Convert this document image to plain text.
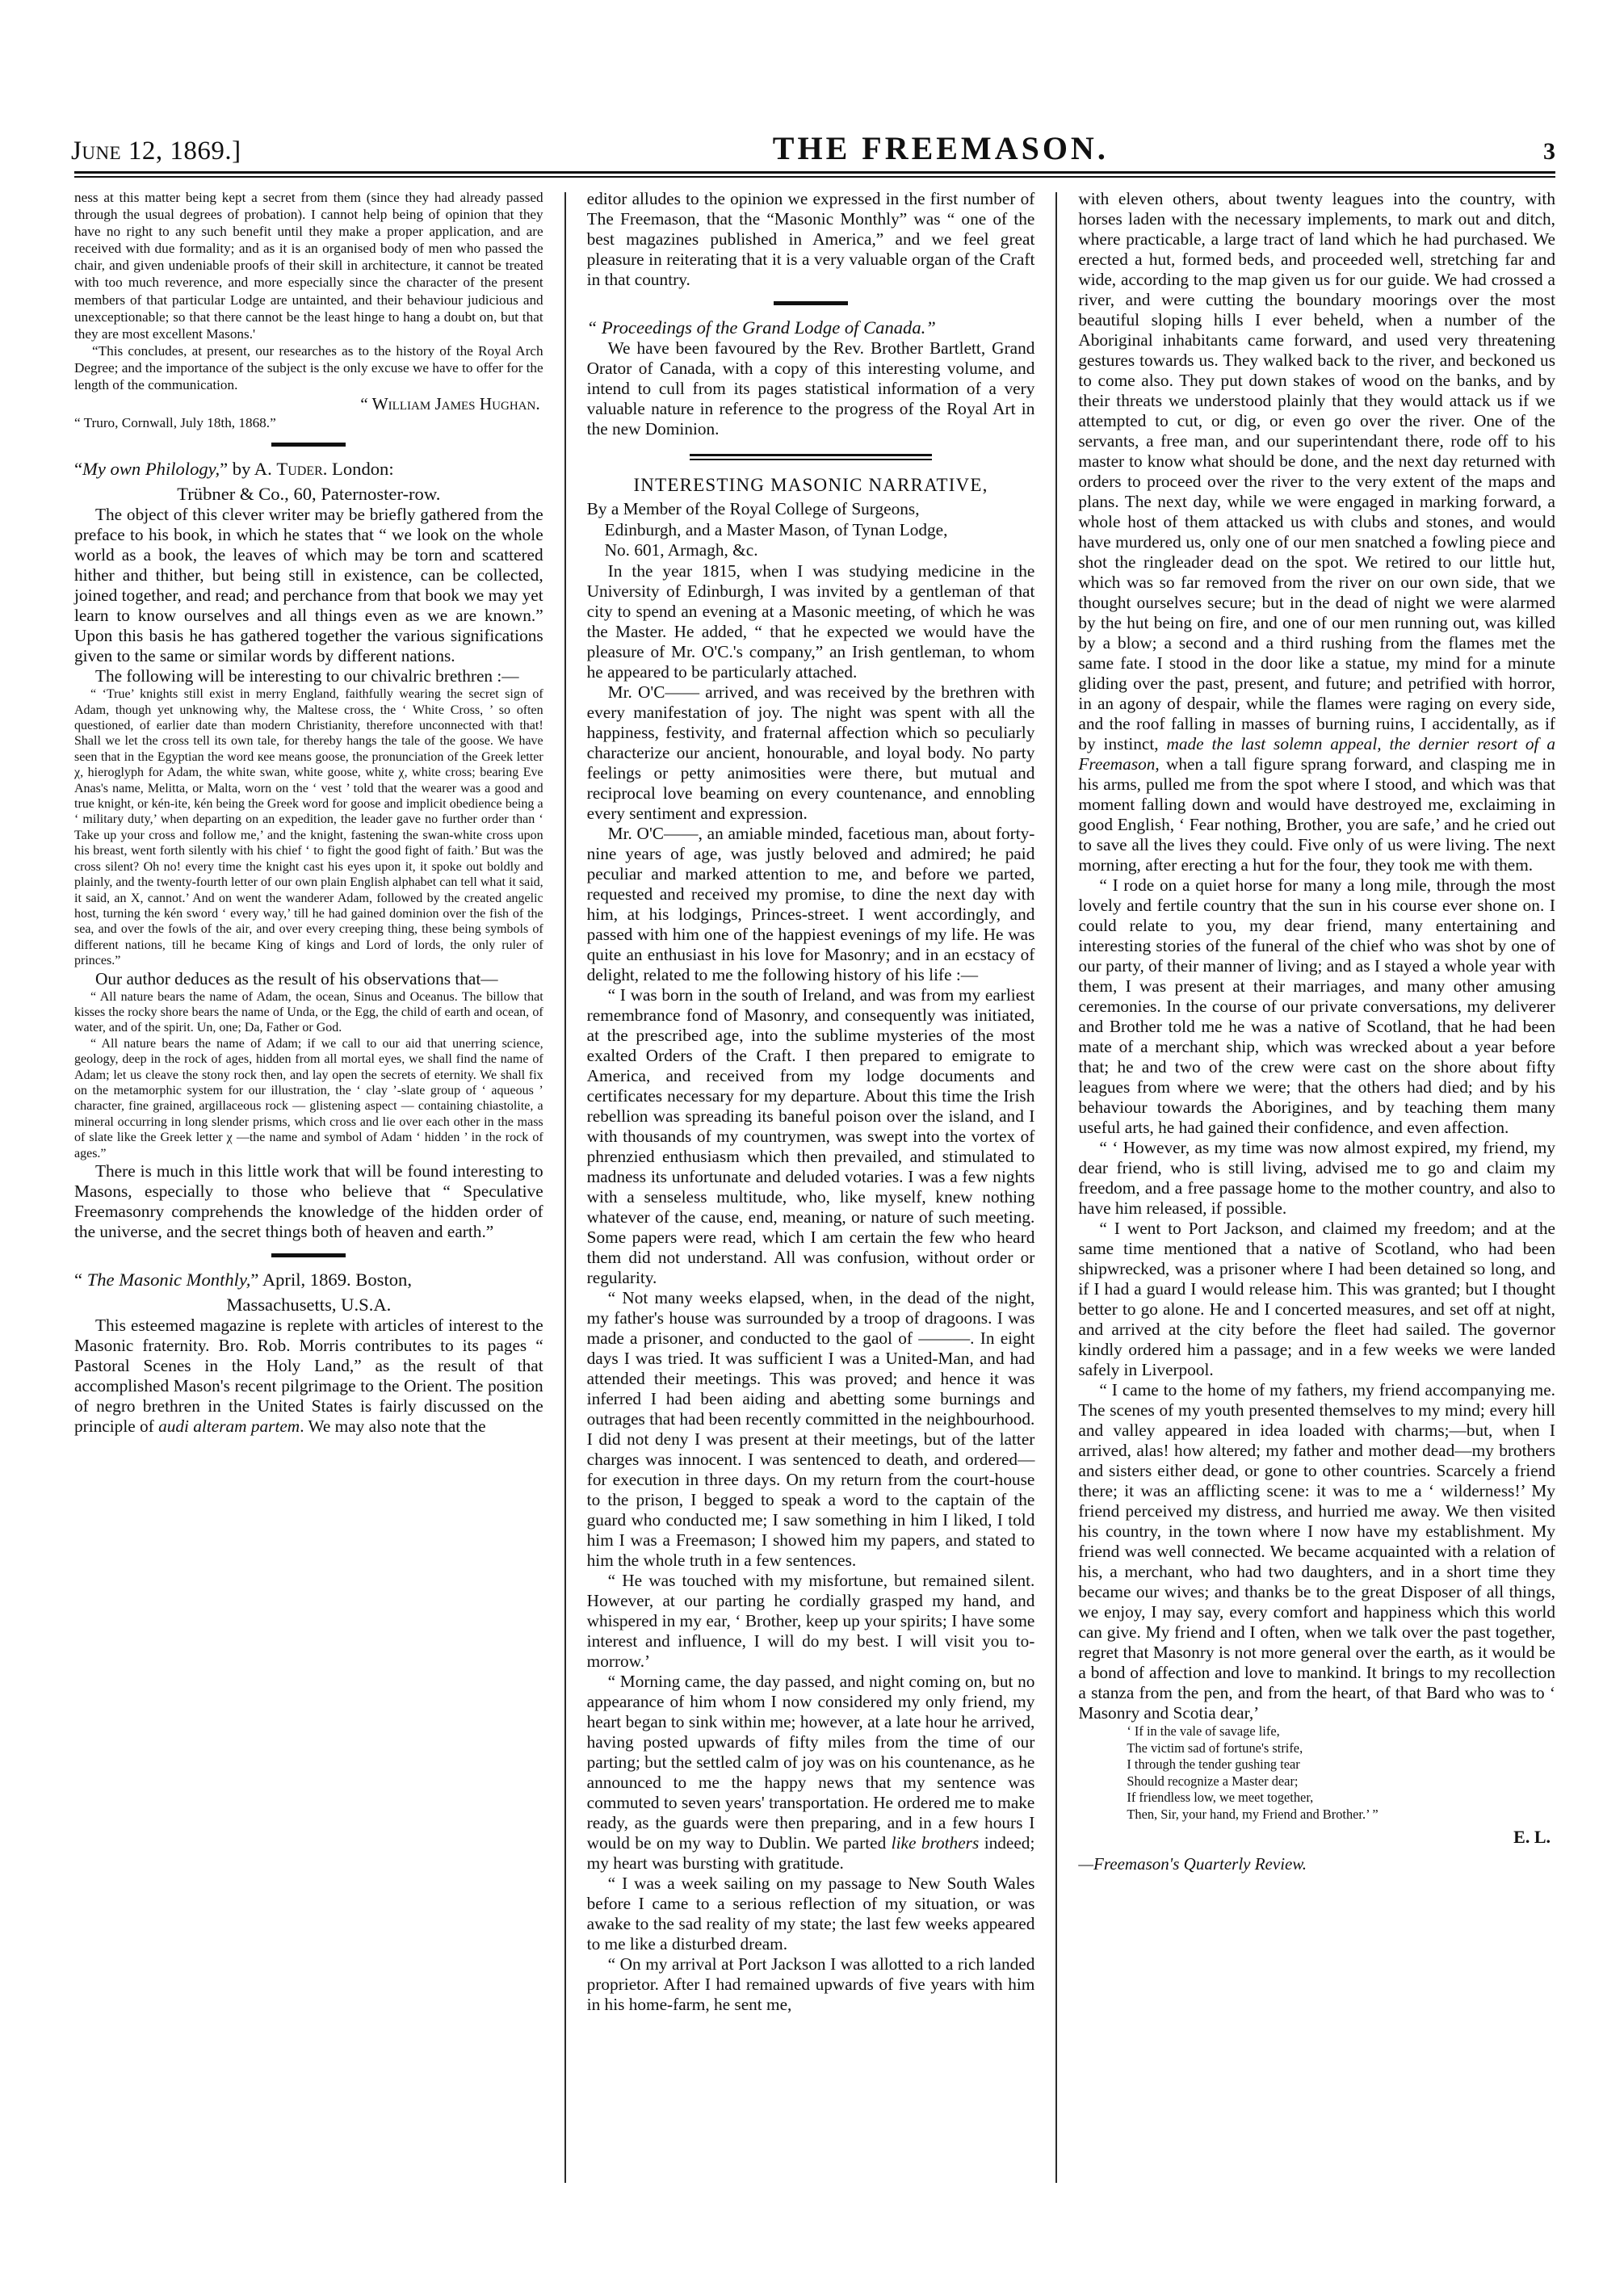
June 12, 1869.]	THE FREEMASON.	3

ness at this matter being kept a secret from them (since they had already passed through the usual degrees of probation). I cannot help being of opinion that they have no right to any such benefit until they make a proper application, and are received with due formality; and as it is an organised body of men who passed the chair, and given undeniable proofs of their skill in architecture, it cannot be treated with too much reverence, and more especially since the character of the present members of that particular Lodge are untainted, and their behaviour judicious and unexceptionable; so that there cannot be the least hinge to hang a doubt on, but that they are most excellent Masons.'

“This concludes, at present, our researches as to the history of the Royal Arch Degree; and the importance of the subject is the only excuse we have to offer for the length of the communication.

“ William James Hughan.

“ Truro, Cornwall, July 18th, 1868.”

“My own Philology,” by A. Tuder. London:

Trübner & Co., 60, Paternoster-row.

The object of this clever writer may be briefly gathered from the preface to his book, in which he states that “ we look on the whole world as a book, the leaves of which may be torn and scattered hither and thither, but being still in existence, can be collected, joined together, and read; and perchance from that book we may yet learn to know ourselves and all things even as we are known.” Upon this basis he has gathered together the various significations given to the same or similar words by different nations.

The following will be interesting to our chivalric brethren :—

“ ‘True’ knights still exist in merry England, faithfully wearing the secret sign of Adam, though yet unknowing why, the Maltese cross, the ‘ White Cross, ’ so often questioned, of earlier date than modern Christianity, therefore unconnected with that! Shall we let the cross tell its own tale, for thereby hangs the tale of the goose. We have seen that in the Egyptian the word кее means goose, the pronunciation of the Greek letter χ, hieroglyph for Adam, the white swan, white goose, white χ, white cross; bearing Eve Anas's name, Melitta, or Malta, worn on the ‘ vest ’ told that the wearer was a good and true knight, or kén-ite, kén being the Greek word for goose and implicit obedience being a ‘ military duty,’ when departing on an expedition, the leader gave no further order than ‘ Take up your cross and follow me,’ and the knight, fastening the swan-white cross upon his breast, went forth silently with his chief ‘ to fight the good fight of faith.’ But was the cross silent? Oh no! every time the knight cast his eyes upon it, it spoke out boldly and plainly, and the twenty-fourth letter of our own plain English alphabet can tell what it said, it said, an X, cannot.’ And on went the wanderer Adam, followed by the created angelic host, turning the kén sword ‘ every way,’ till he had gained dominion over the fish of the sea, and over the fowls of the air, and over every creeping thing, these being symbols of different nations, till he became King of kings and Lord of lords, the only ruler of princes.”

Our author deduces as the result of his observations that—

“ All nature bears the name of Adam, the ocean, Sinus and Oceanus. The billow that kisses the rocky shore bears the name of Unda, or the Egg, the child of earth and ocean, of water, and of the spirit. Un, one; Da, Father or God.

“ All nature bears the name of Adam; if we call to our aid that unerring science, geology, deep in the rock of ages, hidden from all mortal eyes, we shall find the name of Adam; let us cleave the stony rock then, and lay open the secrets of eternity. We shall fix on the metamorphic system for our illustration, the ‘ clay ’-slate group of ‘ aqueous ’ character, fine grained, argillaceous rock — glistening aspect — containing chiastolite, a mineral occurring in long slender prisms, which cross and lie over each other in the mass of slate like the Greek letter χ —the name and symbol of Adam ‘ hidden ’ in the rock of ages.”

There is much in this little work that will be found interesting to Masons, especially to those who believe that “ Speculative Freemasonry comprehends the knowledge of the hidden order of the universe, and the secret things both of heaven and earth.”

“ The Masonic Monthly,” April, 1869. Boston,

Massachusetts, U.S.A.

This esteemed magazine is replete with articles of interest to the Masonic fraternity. Bro. Rob. Morris contributes to its pages “ Pastoral Scenes in the Holy Land,” as the result of that accomplished Mason's recent pilgrimage to the Orient. The position of negro brethren in the United States is fairly discussed on the principle of audi alteram partem. We may also note that the

editor alludes to the opinion we expressed in the first number of The Freemason, that the “Masonic Monthly” was “ one of the best magazines published in America,” and we feel great pleasure in reiterating that it is a very valuable organ of the Craft in that country.

“ Proceedings of the Grand Lodge of Canada.”

We have been favoured by the Rev. Brother Bartlett, Grand Orator of Canada, with a copy of this interesting volume, and intend to cull from its pages statistical information of a very valuable nature in reference to the progress of the Royal Art in the new Dominion.

INTERESTING MASONIC NARRATIVE,

By a Member of the Royal College of Surgeons,

Edinburgh, and a Master Mason, of Tynan Lodge,

No. 601, Armagh, &c.

In the year 1815, when I was studying medicine in the University of Edinburgh, I was invited by a gentleman of that city to spend an evening at a Masonic meeting, of which he was the Master. He added, “ that he expected we would have the pleasure of Mr. O'C.'s company,” an Irish gentleman, to whom he appeared to be particularly attached.

Mr. O'C—— arrived, and was received by the brethren with every manifestation of joy. The night was spent with all the happiness, festivity, and fraternal affection which so peculiarly characterize our ancient, honourable, and loyal body. No party feelings or petty animosities were there, but mutual and reciprocal love beaming on every countenance, and ennobling every sentiment and expression.

Mr. O'C——, an amiable minded, facetious man, about forty-nine years of age, was justly beloved and admired; he paid peculiar and marked attention to me, and before we parted, requested and received my promise, to dine the next day with him, at his lodgings, Princes-street. I went accordingly, and passed with him one of the happiest evenings of my life. He was quite an enthusiast in his love for Masonry; and in an ecstacy of delight, related to me the following history of his life :—

“ I was born in the south of Ireland, and was from my earliest remembrance fond of Masonry, and consequently was initiated, at the prescribed age, into the sublime mysteries of the most exalted Orders of the Craft. I then prepared to emigrate to America, and received from my lodge documents and certificates necessary for my departure. About this time the Irish rebellion was spreading its baneful poison over the island, and I with thousands of my countrymen, was swept into the vortex of phrenzied enthusiasm which then prevailed, and stimulated to madness its unfortunate and deluded votaries. I was a few nights with a senseless multitude, who, like myself, knew nothing whatever of the cause, end, meaning, or nature of such meeting. Some papers were read, which I am certain the few who heard them did not understand. All was confusion, without order or regularity.

“ Not many weeks elapsed, when, in the dead of the night, my father's house was surrounded by a troop of dragoons. I was made a prisoner, and conducted to the gaol of ———. In eight days I was tried. It was sufficient I was a United-Man, and had attended their meetings. This was proved; and hence it was inferred I had been aiding and abetting some burnings and outrages that had been recently committed in the neighbourhood. I did not deny I was present at their meetings, but of the latter charges was innocent. I was sentenced to death, and ordered—for execution in three days. On my return from the court-house to the prison, I begged to speak a word to the captain of the guard who conducted me; I saw something in him I liked, I told him I was a Freemason; I showed him my papers, and stated to him the whole truth in a few sentences.

“ He was touched with my misfortune, but remained silent. However, at our parting he cordially grasped my hand, and whispered in my ear, ‘ Brother, keep up your spirits; I have some interest and influence, I will do my best. I will visit you to-morrow.’

“ Morning came, the day passed, and night coming on, but no appearance of him whom I now considered my only friend, my heart began to sink within me; however, at a late hour he arrived, having posted upwards of fifty miles from the time of our parting; but the settled calm of joy was on his countenance, as he announced to me the happy news that my sentence was commuted to seven years' transportation. He ordered me to make ready, as the guards were then preparing, and in a few hours I would be on my way to Dublin. We parted like brothers indeed; my heart was bursting with gratitude.

“ I was a week sailing on my passage to New South Wales before I came to a serious reflection of my situation, or was awake to the sad reality of my state; the last few weeks appeared to me like a disturbed dream.

“ On my arrival at Port Jackson I was allotted to a rich landed proprietor. After I had remained upwards of five years with him in his home-farm, he sent me,

with eleven others, about twenty leagues into the country, with horses laden with the necessary implements, to mark out and ditch, where practicable, a large tract of land which he had purchased. We erected a hut, formed beds, and proceeded well, stretching far and wide, according to the map given us for our guide. We had crossed a river, and were cutting the boundary moorings over the most beautiful sloping hills I ever beheld, when a number of the Aboriginal inhabitants came forward, and used very threatening gestures towards us. They walked back to the river, and beckoned us to come also. They put down stakes of wood on the banks, and by their threats we understood plainly that they would attack us if we attempted to cut, or dig, or even go over the river. One of the servants, a free man, and our superintendant there, rode off to his master to know what should be done, and the next day returned with orders to proceed over the river to the very extent of the maps and plans. The next day, while we were engaged in marking forward, a whole host of them attacked us with clubs and stones, and would have murdered us, only one of our men snatched a fowling piece and shot the ringleader dead on the spot. We retired to our little hut, which was so far removed from the river on our own side, that we thought ourselves secure; but in the dead of night we were alarmed by the hut being on fire, and one of our men running out, was killed by a blow; a second and a third rushing from the flames met the same fate. I stood in the door like a statue, my mind for a minute gliding over the past, present, and future; and petrified with horror, in an agony of despair, while the flames were raging on every side, and the roof falling in masses of burning ruins, I accidentally, as if by instinct, made the last solemn appeal, the dernier resort of a Freemason, when a tall figure sprang forward, and clasping me in his arms, pulled me from the spot where I stood, and which was that moment falling down and would have destroyed me, exclaiming in good English, ‘ Fear nothing, Brother, you are safe,’ and he cried out to save all the lives they could. Five only of us were living. The next morning, after erecting a hut for the four, they took me with them.

“ I rode on a quiet horse for many a long mile, through the most lovely and fertile country that the sun in his course ever shone on. I could relate to you, my dear friend, many entertaining and interesting stories of the funeral of the chief who was shot by one of our party, of their manner of living; and as I stayed a whole year with them, I was present at their marriages, and many other amusing ceremonies. In the course of our private conversations, my deliverer and Brother told me he was a native of Scotland, that he had been mate of a merchant ship, which was wrecked about a year before that; he and two of the crew were cast on the shore about fifty leagues from where we were; that the others had died; and by his behaviour towards the Aborigines, and by teaching them many useful arts, he had gained their confidence, and even affection.

“ ‘ However, as my time was now almost expired, my friend, my dear friend, who is still living, advised me to go and claim my freedom, and a free passage home to the mother country, and also to have him released, if possible.

“ I went to Port Jackson, and claimed my freedom; and at the same time mentioned that a native of Scotland, who had been shipwrecked, was a prisoner where I had been detained so long, and if I had a guard I would release him. This was granted; but I thought better to go alone. He and I concerted measures, and set off at night, and arrived at the city before the fleet had sailed. The governor kindly ordered him a passage; and in a few weeks we were landed safely in Liverpool.

“ I came to the home of my fathers, my friend accompanying me. The scenes of my youth presented themselves to my mind; every hill and valley appeared in idea loaded with charms;—but, when I arrived, alas! how altered; my father and mother dead—my brothers and sisters either dead, or gone to other countries. Scarcely a friend there; it was an afflicting scene: it was to me a ‘ wilderness!’ My friend perceived my distress, and hurried me away. We then visited his country, in the town where I now have my establishment. My friend was well connected. We became acquainted with a relation of his, a merchant, who had two daughters, and in a short time they became our wives; and thanks be to the great Disposer of all things, we enjoy, I may say, every comfort and happiness which this world can give. My friend and I often, when we talk over the past together, regret that Masonry is not more general over the earth, as it would be a bond of affection and love to mankind. It brings to my recollection a stanza from the pen, and from the heart, of that Bard who was to ‘ Masonry and Scotia dear,’

‘ If in the vale of savage life,
The victim sad of fortune's strife,
I through the tender gushing tear
Should recognize a Master dear;
If friendless low, we meet together,
Then, Sir, your hand, my Friend and Brother.’ ”

E. L.

—Freemason's Quarterly Review.
